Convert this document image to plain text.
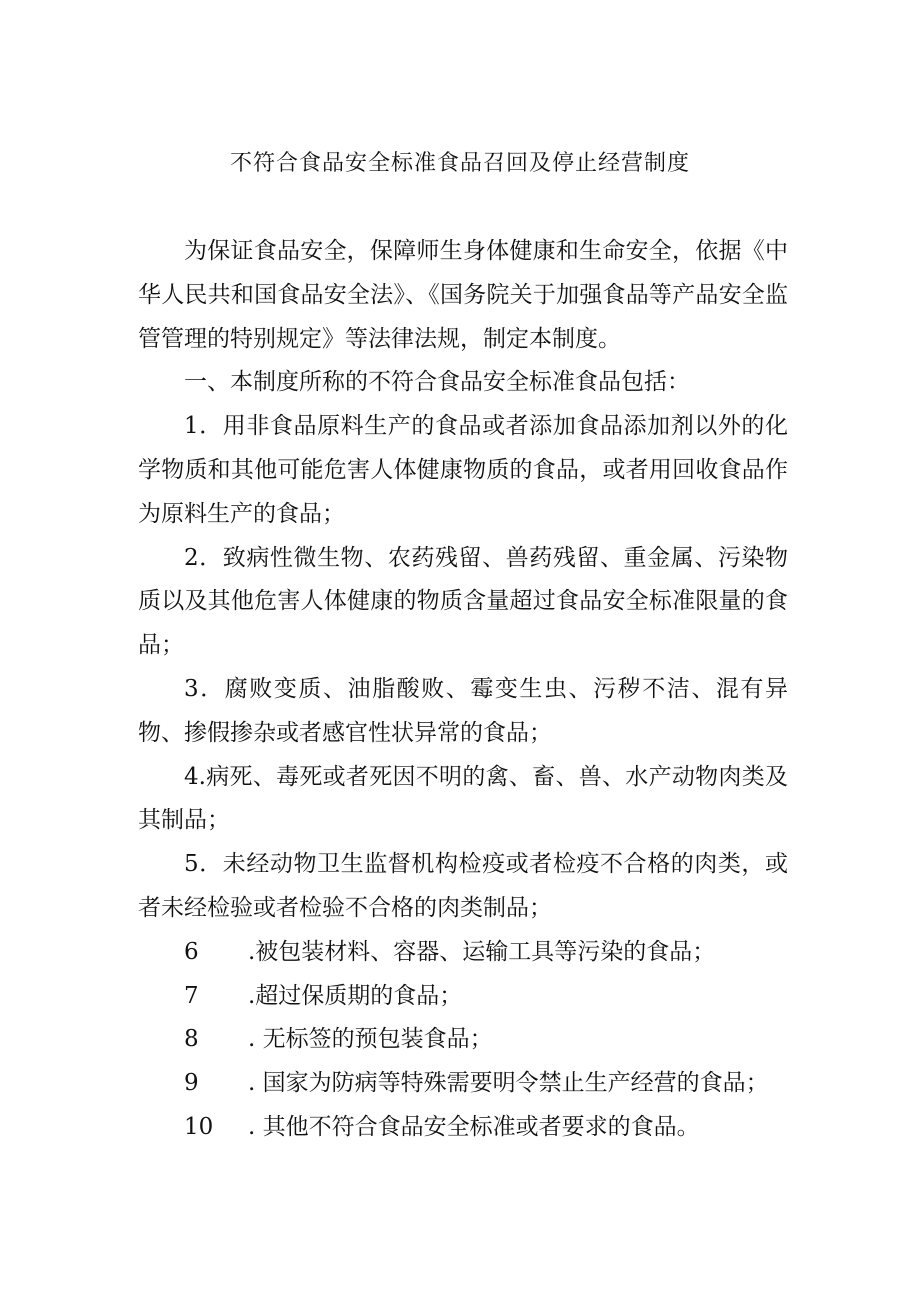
不符合食品安全标准食品召回及停止经营制度

为保证食品安全，保障师生身体健康和生命安全，依据《中华人民共和国食品安全法》、《国务院关于加强食品等产品安全监管管理的特别规定》等法律法规，制定本制度。

一、本制度所称的不符合食品安全标准食品包括：

1．用非食品原料生产的食品或者添加食品添加剂以外的化学物质和其他可能危害人体健康物质的食品，或者用回收食品作为原料生产的食品；

2．致病性微生物、农药残留、兽药残留、重金属、污染物质以及其他危害人体健康的物质含量超过食品安全标准限量的食品；

3．腐败变质、油脂酸败、霉变生虫、污秽不洁、混有异物、掺假掺杂或者感官性状异常的食品；

4.病死、毒死或者死因不明的禽、畜、兽、水产动物肉类及其制品；

5．未经动物卫生监督机构检疫或者检疫不合格的肉类，或者未经检验或者检验不合格的肉类制品；

6	.被包装材料、容器、运输工具等污染的食品；
7	.超过保质期的食品；
8	. 无标签的预包装食品；
9	. 国家为防病等特殊需要明令禁止生产经营的食品；
10	. 其他不符合食品安全标准或者要求的食品。
